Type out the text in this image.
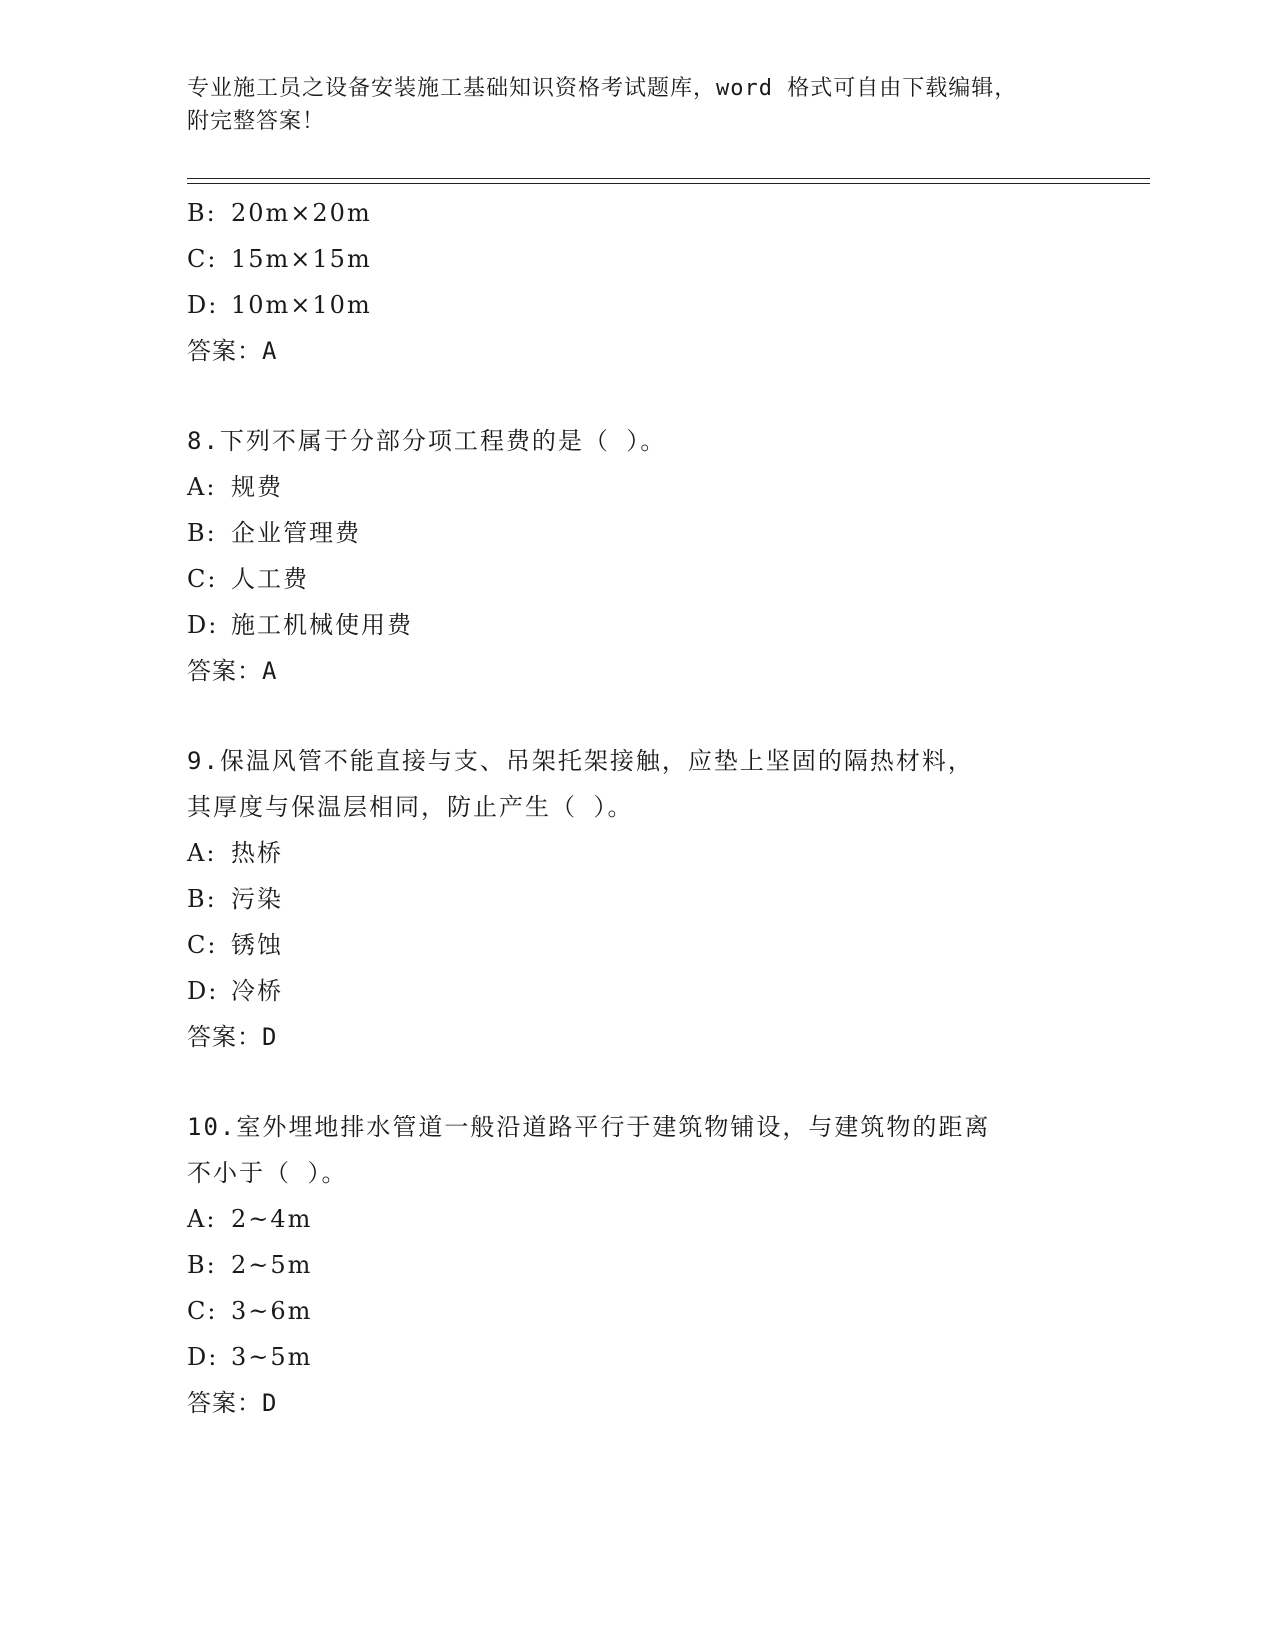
专业施工员之设备安装施工基础知识资格考试题库，word 格式可自由下载编辑，
附完整答案！
B: 20m×20m
C: 15m×15m
D: 10m×10m
答案：A
8.下列不属于分部分项工程费的是（ ）。
A: 规费
B: 企业管理费
C: 人工费
D: 施工机械使用费
答案：A
9.保温风管不能直接与支、吊架托架接触，应垫上坚固的隔热材料，
其厚度与保温层相同，防止产生（ ）。
A: 热桥
B: 污染
C: 锈蚀
D: 冷桥
答案：D
10.室外埋地排水管道一般沿道路平行于建筑物铺设，与建筑物的距离
不小于（ ）。
A: 2~4m
B: 2~5m
C: 3~6m
D: 3~5m
答案：D
